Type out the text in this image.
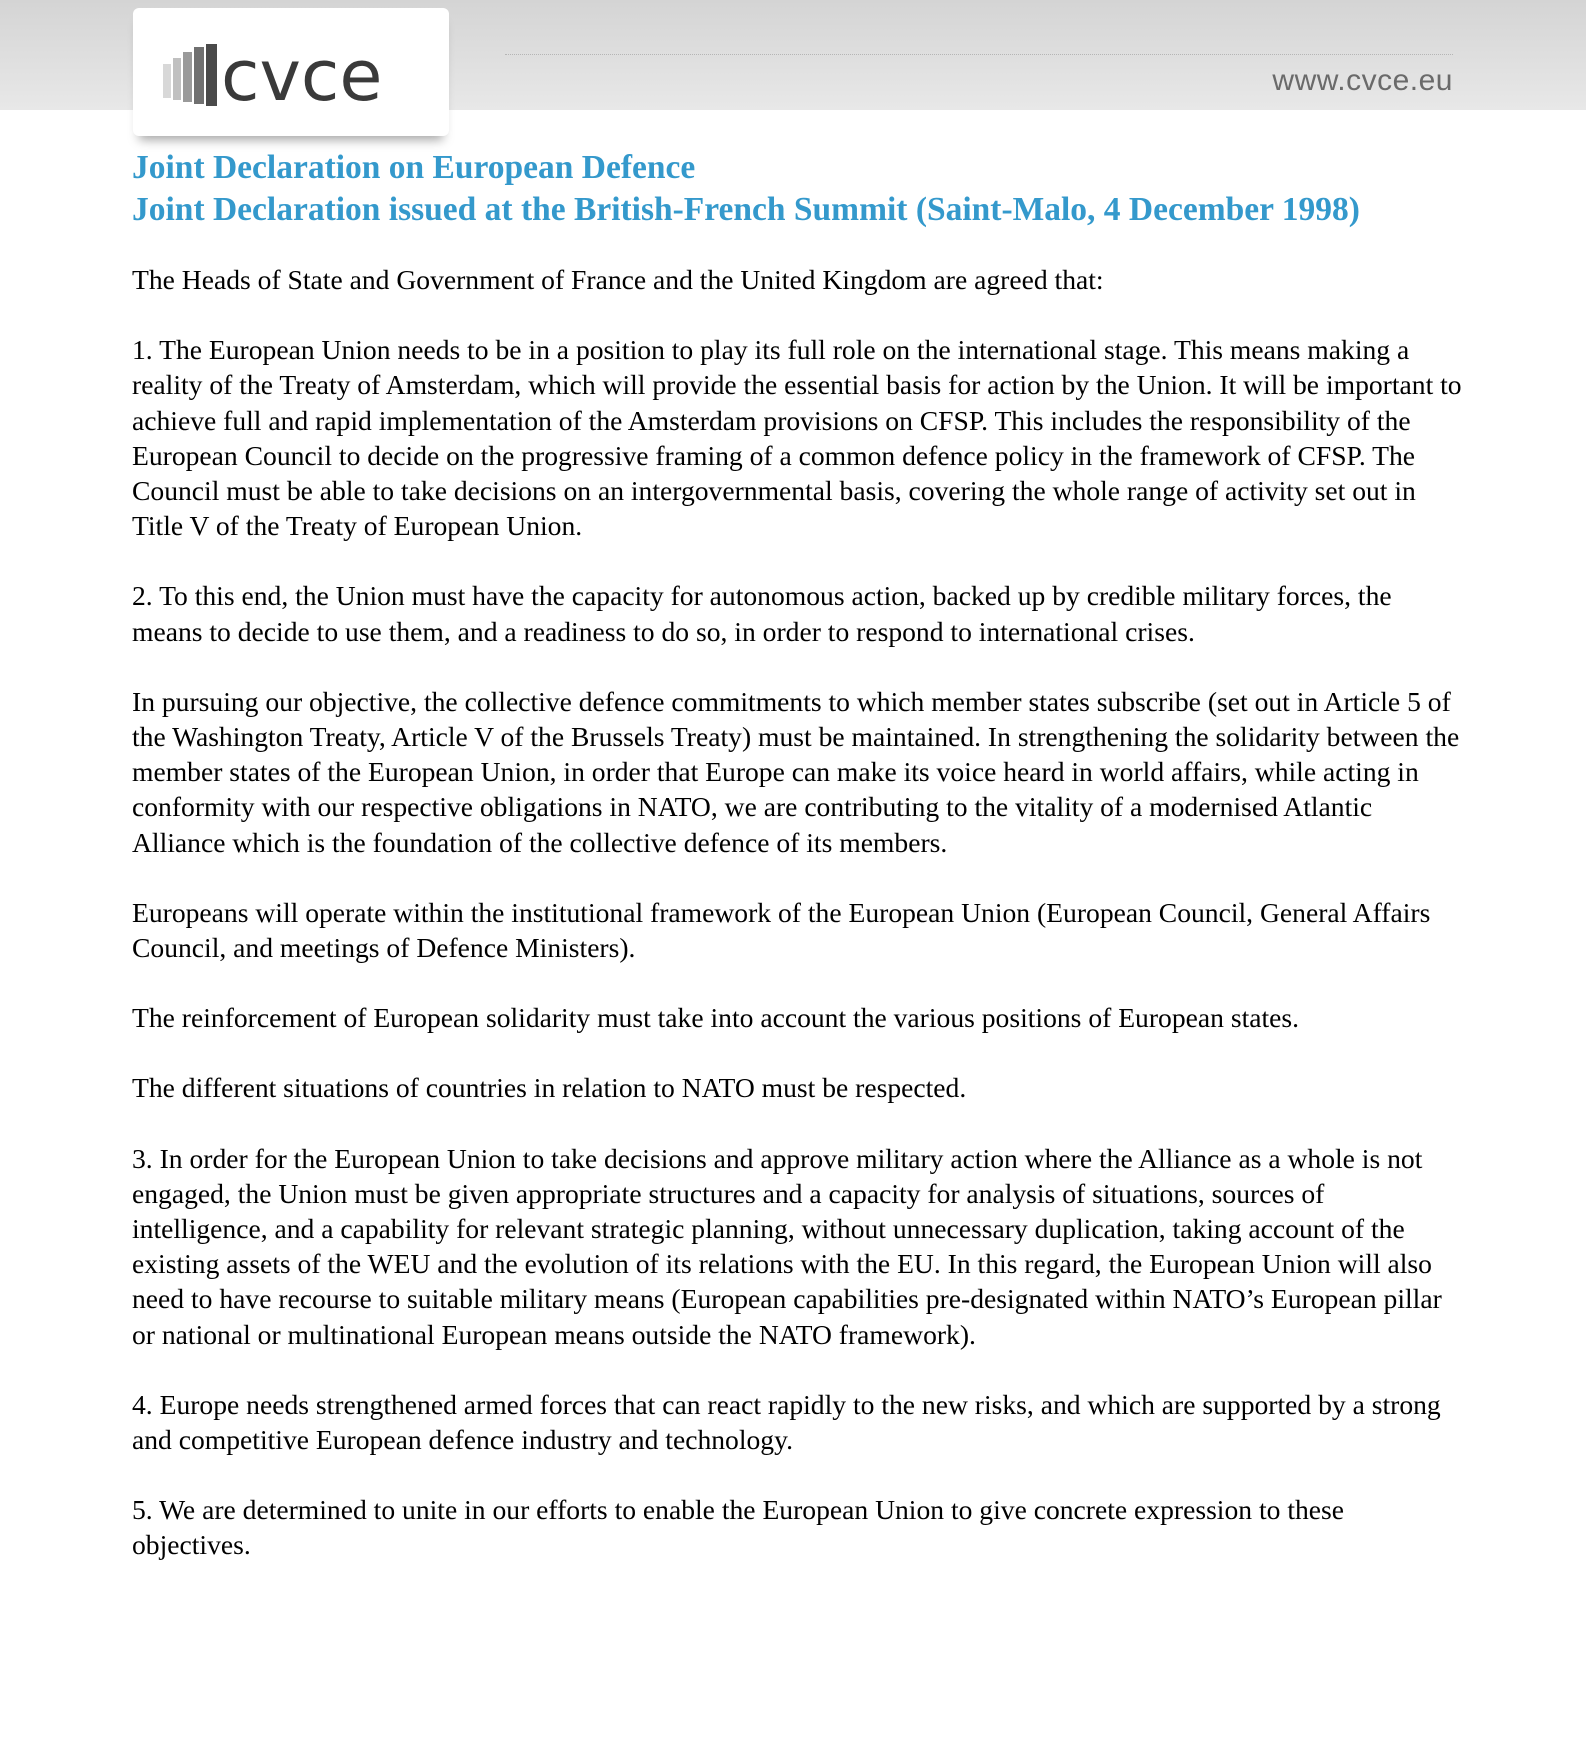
cvce	www.cvce.eu
Joint Declaration on European Defence
Joint Declaration issued at the British-French Summit (Saint-Malo, 4 December 1998)

The Heads of State and Government of France and the United Kingdom are agreed that:

1. The European Union needs to be in a position to play its full role on the international stage. This means making a reality of the Treaty of Amsterdam, which will provide the essential basis for action by the Union. It will be important to achieve full and rapid implementation of the Amsterdam provisions on CFSP. This includes the responsibility of the European Council to decide on the progressive framing of a common defence policy in the framework of CFSP. The Council must be able to take decisions on an intergovernmental basis, covering the whole range of activity set out in Title V of the Treaty of European Union.

2. To this end, the Union must have the capacity for autonomous action, backed up by credible military forces, the means to decide to use them, and a readiness to do so, in order to respond to international crises.

In pursuing our objective, the collective defence commitments to which member states subscribe (set out in Article 5 of the Washington Treaty, Article V of the Brussels Treaty) must be maintained. In strengthening the solidarity between the member states of the European Union, in order that Europe can make its voice heard in world affairs, while acting in conformity with our respective obligations in NATO, we are contributing to the vitality of a modernised Atlantic Alliance which is the foundation of the collective defence of its members.

Europeans will operate within the institutional framework of the European Union (European Council, General Affairs Council, and meetings of Defence Ministers).

The reinforcement of European solidarity must take into account the various positions of European states.

The different situations of countries in relation to NATO must be respected.

3. In order for the European Union to take decisions and approve military action where the Alliance as a whole is not engaged, the Union must be given appropriate structures and a capacity for analysis of situations, sources of intelligence, and a capability for relevant strategic planning, without unnecessary duplication, taking account of the existing assets of the WEU and the evolution of its relations with the EU. In this regard, the European Union will also need to have recourse to suitable military means (European capabilities pre-designated within NATO’s European pillar or national or multinational European means outside the NATO framework).

4. Europe needs strengthened armed forces that can react rapidly to the new risks, and which are supported by a strong and competitive European defence industry and technology.

5. We are determined to unite in our efforts to enable the European Union to give concrete expression to these objectives.
